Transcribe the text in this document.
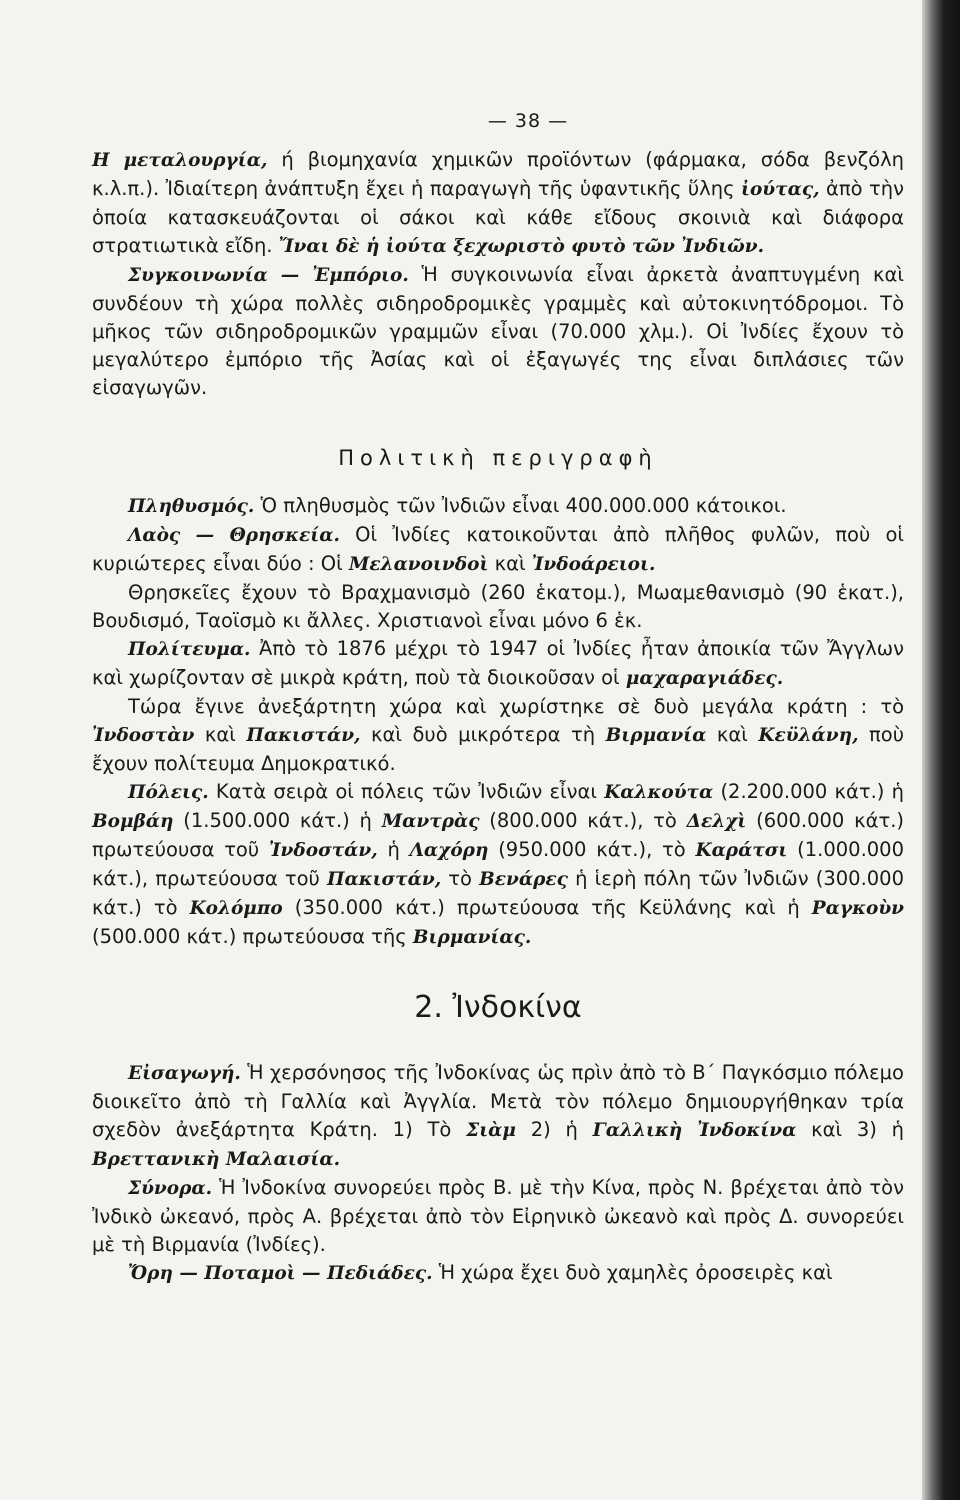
— 38 —

Η μεταλουργία, ή βιομηχανία χημικῶν προϊόντων (φάρμακα, σόδα βενζόλη κ.λ.π.). Ἰδιαίτερη ἀνάπτυξη ἔχει ἡ παραγωγὴ τῆς ὑφαντικῆς ὕλης ἰούτας, ἀπὸ τὴν ὁποία κατασκευάζονται οἱ σάκοι καὶ κάθε εἴδους σκοινιὰ καὶ διάφορα στρατιωτικὰ εἴδη. Ἴναι δὲ ἡ ἰούτα ξεχωριστὸ φυτὸ τῶν Ἰνδιῶν.

Συγκοινωνία — Ἐμπόριο. Ἡ συγκοινωνία εἶναι ἀρκετὰ ἀναπτυγμένη καὶ συνδέουν τὴ χώρα πολλὲς σιδηροδρομικὲς γραμμὲς καὶ αὐτοκινητόδρομοι. Τὸ μῆκος τῶν σιδηροδρομικῶν γραμμῶν εἶναι (70.000 χλμ.). Οἱ Ἰνδίες ἔχουν τὸ μεγαλύτερο ἐμπόριο τῆς Ἀσίας καὶ οἱ ἐξαγωγές της εἶναι διπλάσιες τῶν εἰσαγωγῶν.

Πολιτικὴ περιγραφὴ

Πληθυσμός. Ὁ πληθυσμὸς τῶν Ἰνδιῶν εἶναι 400.000.000 κάτοικοι.

Λαὸς — Θρησκεία. Οἱ Ἰνδίες κατοικοῦνται ἀπὸ πλῆθος φυλῶν, ποὺ οἱ κυριώτερες εἶναι δύο : Οἱ Μελανοινδοὶ καὶ Ἰνδοάρειοι.

Θρησκεῖες ἔχουν τὸ Βραχμανισμὸ (260 ἑκατομ.), Μωαμεθανισμὸ (90 ἑκατ.), Βουδισμό, Ταοϊσμὸ κι ἄλλες. Χριστιανοὶ εἶναι μόνο 6 ἑκ.

Πολίτευμα. Ἀπὸ τὸ 1876 μέχρι τὸ 1947 οἱ Ἰνδίες ἦταν ἀποικία τῶν Ἄγγλων καὶ χωρίζονταν σὲ μικρὰ κράτη, ποὺ τὰ διοικοῦσαν οἱ μαχαραγιάδες.

Τώρα ἔγινε ἀνεξάρτητη χώρα καὶ χωρίστηκε σὲ δυὸ μεγάλα κράτη : τὸ Ἰνδοστὰν καὶ Πακιστάν, καὶ δυὸ μικρότερα τὴ Βιρμανία καὶ Κεϋλάνη, ποὺ ἔχουν πολίτευμα Δημοκρατικό.

Πόλεις. Κατὰ σειρὰ οἱ πόλεις τῶν Ἰνδιῶν εἶναι Καλκούτα (2.200.000 κάτ.) ἡ Βομβάη (1.500.000 κάτ.) ἡ Μαντρὰς (800.000 κάτ.), τὸ Δελχὶ (600.000 κάτ.) πρωτεύουσα τοῦ Ἰνδοστάν, ἡ Λαχόρη (950.000 κάτ.), τὸ Καράτσι (1.000.000 κάτ.), πρωτεύουσα τοῦ Πακιστάν, τὸ Βενάρες ἡ ἱερὴ πόλη τῶν Ἰνδιῶν (300.000 κάτ.) τὸ Κολόμπο (350.000 κάτ.) πρωτεύουσα τῆς Κεϋλάνης καὶ ἡ Ραγκοὺν (500.000 κάτ.) πρωτεύουσα τῆς Βιρμανίας.

2. Ἰνδοκίνα

Εἰσαγωγή. Ἡ χερσόνησος τῆς Ἰνδοκίνας ὡς πρὶν ἀπὸ τὸ Β΄ Παγκόσμιο πόλεμο διοικεῖτο ἀπὸ τὴ Γαλλία καὶ Ἀγγλία. Μετὰ τὸν πόλεμο δημιουργήθηκαν τρία σχεδὸν ἀνεξάρτητα Κράτη. 1) Τὸ Σιὰμ 2) ἡ Γαλλικὴ Ἰνδοκίνα καὶ 3) ἡ Βρεττανικὴ Μαλαισία.

Σύνορα. Ἡ Ἰνδοκίνα συνορεύει πρὸς Β. μὲ τὴν Κίνα, πρὸς Ν. βρέχεται ἀπὸ τὸν Ἰνδικὸ ὠκεανό, πρὸς Α. βρέχεται ἀπὸ τὸν Εἰρηνικὸ ὠκεανὸ καὶ πρὸς Δ. συνορεύει μὲ τὴ Βιρμανία (Ἰνδίες).

Ὄρη — Ποταμοὶ — Πεδιάδες. Ἡ χώρα ἔχει δυὸ χαμηλὲς ὀροσειρὲς καὶ
